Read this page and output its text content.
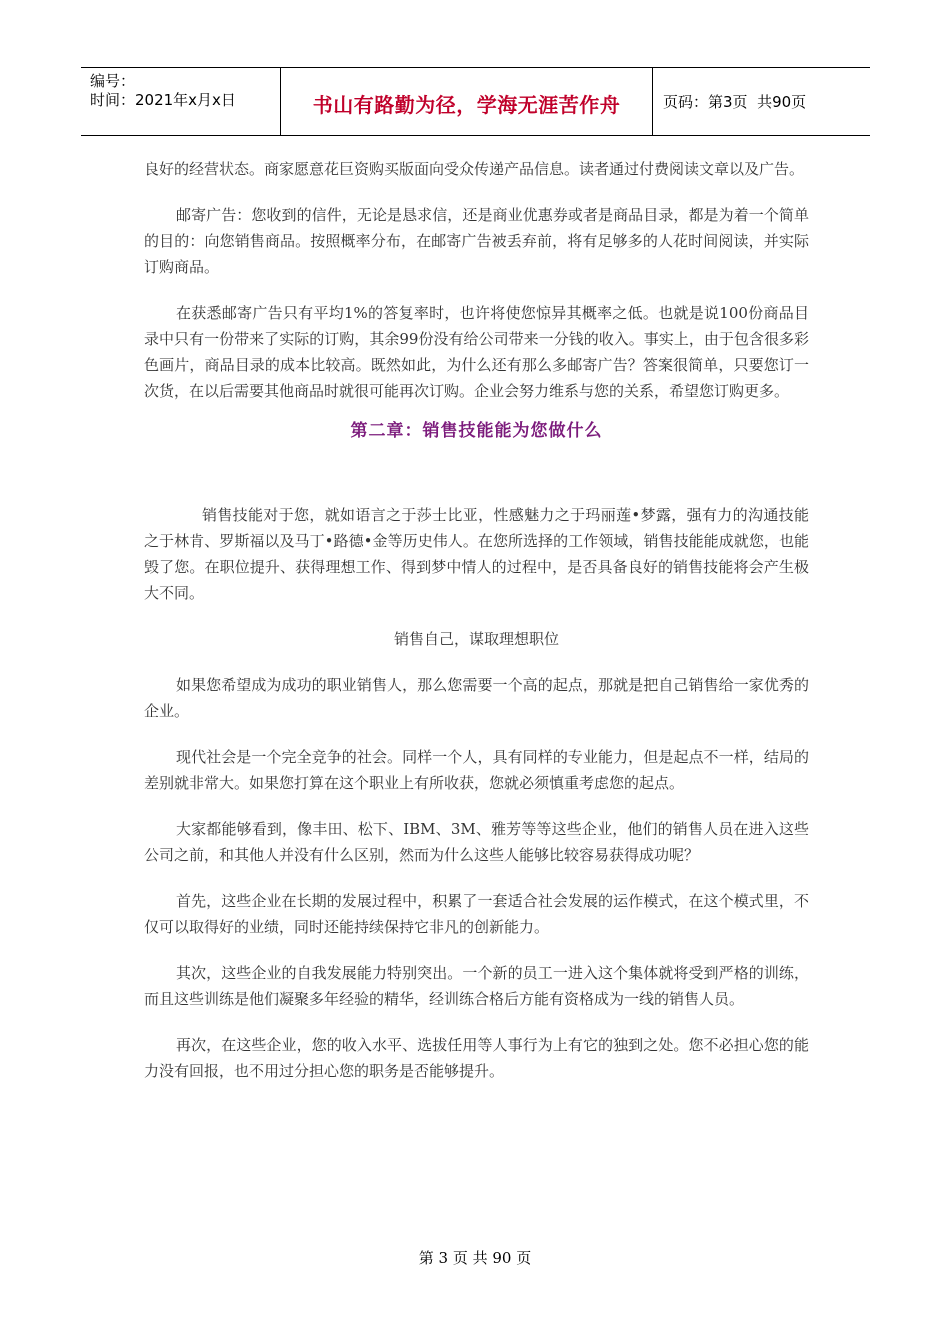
编号：
时间：2021年x月x日	书山有路勤为径，学海无涯苦作舟	页码：第3页  共90页

良好的经营状态。商家愿意花巨资购买版面向受众传递产品信息。读者通过付费阅读文章以及广告。

邮寄广告：您收到的信件，无论是恳求信，还是商业优惠券或者是商品目录，都是为着一个简单的目的：向您销售商品。按照概率分布，在邮寄广告被丢弃前，将有足够多的人花时间阅读，并实际订购商品。

在获悉邮寄广告只有平均1%的答复率时，也许将使您惊异其概率之低。也就是说100份商品目录中只有一份带来了实际的订购，其余99份没有给公司带来一分钱的收入。事实上，由于包含很多彩色画片，商品目录的成本比较高。既然如此，为什么还有那么多邮寄广告？答案很简单，只要您订一次货，在以后需要其他商品时就很可能再次订购。企业会努力维系与您的关系，希望您订购更多。

第二章：销售技能能为您做什么

销售技能对于您，就如语言之于莎士比亚，性感魅力之于玛丽莲•梦露，强有力的沟通技能之于林肯、罗斯福以及马丁•路德•金等历史伟人。在您所选择的工作领域，销售技能能成就您，也能毁了您。在职位提升、获得理想工作、得到梦中情人的过程中，是否具备良好的销售技能将会产生极大不同。

销售自己，谋取理想职位

如果您希望成为成功的职业销售人，那么您需要一个高的起点，那就是把自己销售给一家优秀的企业。

现代社会是一个完全竞争的社会。同样一个人，具有同样的专业能力，但是起点不一样，结局的差别就非常大。如果您打算在这个职业上有所收获，您就必须慎重考虑您的起点。

大家都能够看到，像丰田、松下、IBM、3M、雅芳等等这些企业，他们的销售人员在进入这些公司之前，和其他人并没有什么区别，然而为什么这些人能够比较容易获得成功呢？

首先，这些企业在长期的发展过程中，积累了一套适合社会发展的运作模式，在这个模式里，不仅可以取得好的业绩，同时还能持续保持它非凡的创新能力。

其次，这些企业的自我发展能力特别突出。一个新的员工一进入这个集体就将受到严格的训练，而且这些训练是他们凝聚多年经验的精华，经训练合格后方能有资格成为一线的销售人员。

再次，在这些企业，您的收入水平、选拔任用等人事行为上有它的独到之处。您不必担心您的能力没有回报，也不用过分担心您的职务是否能够提升。

第 3 页 共 90 页
